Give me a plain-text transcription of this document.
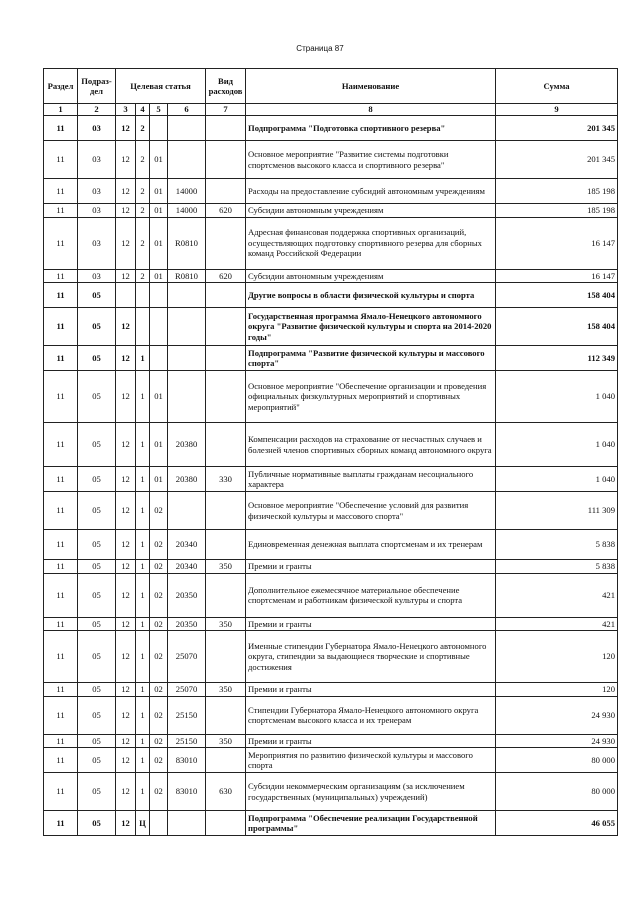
Страница 87
Раздел	Подраз-дел	Целевая статья				Вид расходов	Наименование	Сумма
1	2	3	4	5	6	7	8	9
11	03	12	2				Подпрограмма "Подготовка спортивного резерва"	201 345
11	03	12	2	01			Основное мероприятие "Развитие системы подготовки спортсменов высокого класса и спортивного резерва"	201 345
11	03	12	2	01	14000		Расходы на предоставление субсидий автономным учреждениям	185 198
11	03	12	2	01	14000	620	Субсидии автономным учреждениям	185 198
11	03	12	2	01	R0810		Адресная финансовая поддержка спортивных организаций, осуществляющих подготовку спортивного резерва для сборных команд Российской Федерации	16 147
11	03	12	2	01	R0810	620	Субсидии автономным учреждениям	16 147
11	05						Другие вопросы в области физической культуры и спорта	158 404
11	05	12					Государственная программа Ямало-Ненецкого автономного округа "Развитие физической культуры и спорта на 2014-2020 годы"	158 404
11	05	12	1				Подпрограмма "Развитие физической культуры и массового спорта"	112 349
11	05	12	1	01			Основное мероприятие "Обеспечение организации и проведения официальных физкультурных мероприятий и спортивных мероприятий"	1 040
11	05	12	1	01	20380		Компенсации расходов на страхование от несчастных случаев и болезней членов спортивных сборных команд автономного округа	1 040
11	05	12	1	01	20380	330	Публичные нормативные выплаты гражданам несоциального характера	1 040
11	05	12	1	02			Основное мероприятие "Обеспечение условий для развития физической культуры и массового спорта"	111 309
11	05	12	1	02	20340		Единовременная денежная выплата спортсменам и их тренерам	5 838
11	05	12	1	02	20340	350	Премии и гранты	5 838
11	05	12	1	02	20350		Дополнительное ежемесячное материальное обеспечение спортсменам и работникам физической культуры и спорта	421
11	05	12	1	02	20350	350	Премии и гранты	421
11	05	12	1	02	25070		Именные стипендии Губернатора Ямало-Ненецкого автономного округа, стипендии за выдающиеся творческие и спортивные достижения	120
11	05	12	1	02	25070	350	Премии и гранты	120
11	05	12	1	02	25150		Стипендии Губернатора Ямало-Ненецкого автономного округа спортсменам высокого класса и их тренерам	24 930
11	05	12	1	02	25150	350	Премии и гранты	24 930
11	05	12	1	02	83010		Мероприятия по развитию физической культуры и массового спорта	80 000
11	05	12	1	02	83010	630	Субсидии некоммерческим организациям (за исключением государственных (муниципальных) учреждений)	80 000
11	05	12	Ц				Подпрограмма "Обеспечение реализации Государственной программы"	46 055
